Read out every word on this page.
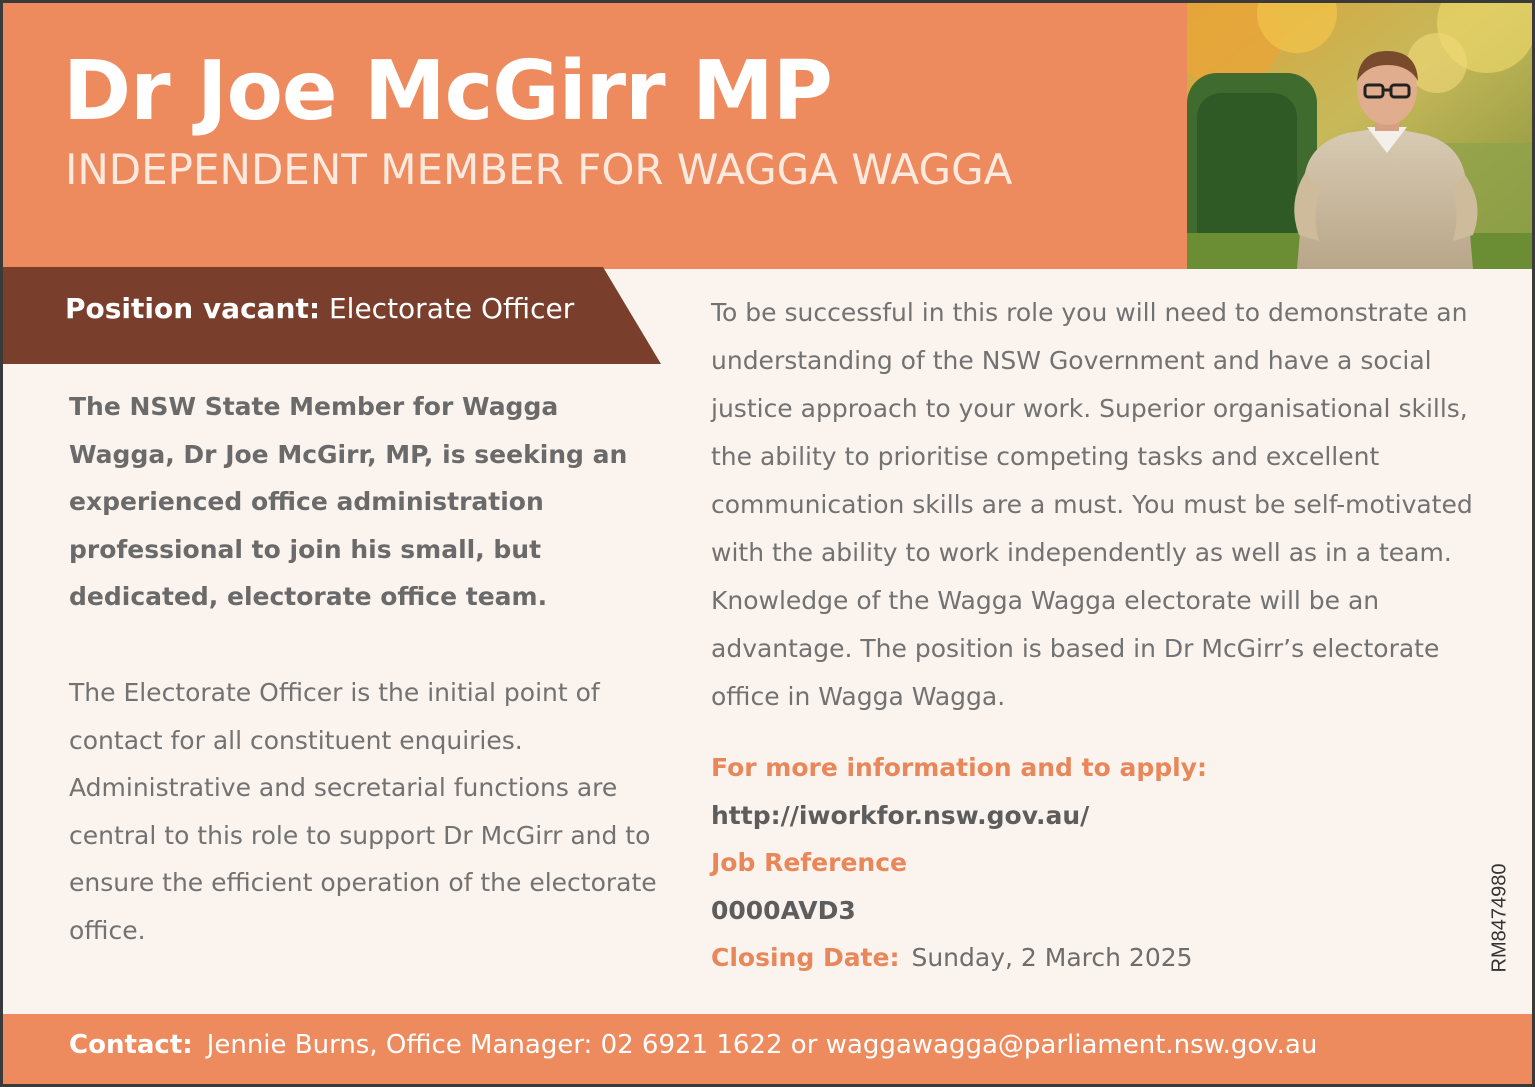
Dr Joe McGirr MP
INDEPENDENT MEMBER FOR WAGGA WAGGA
Position vacant: Electorate Officer

The NSW State Member for Wagga Wagga, Dr Joe McGirr, MP, is seeking an experienced office administration professional to join his small, but dedicated, electorate office team.

The Electorate Officer is the initial point of contact for all constituent enquiries. Administrative and secretarial functions are central to this role to support Dr McGirr and to ensure the efficient operation of the electorate office.

To be successful in this role you will need to demonstrate an understanding of the NSW Government and have a social justice approach to your work. Superior organisational skills, the ability to prioritise competing tasks and excellent communication skills are a must. You must be self-motivated with the ability to work independently as well as in a team. Knowledge of the Wagga Wagga electorate will be an advantage. The position is based in Dr McGirr’s electorate office in Wagga Wagga.

For more information and to apply:
http://iworkfor.nsw.gov.au/
Job Reference
0000AVD3
Closing Date: Sunday, 2 March 2025	RM8474980
Contact: Jennie Burns, Office Manager: 02 6921 1622 or waggawagga@parliament.nsw.gov.au
